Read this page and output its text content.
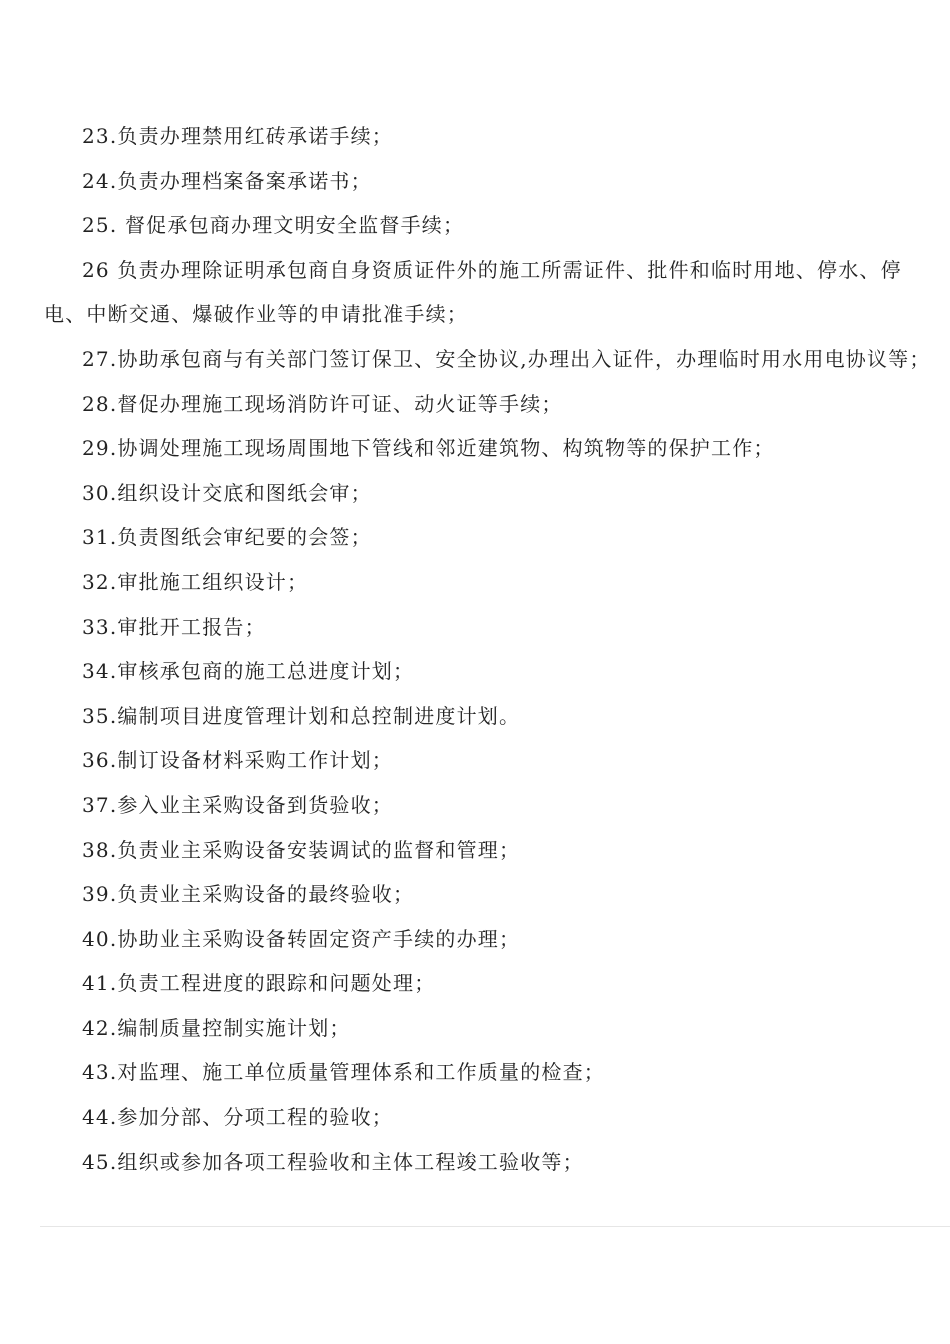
23.负责办理禁用红砖承诺手续；
24.负责办理档案备案承诺书；
25. 督促承包商办理文明安全监督手续；
26 负责办理除证明承包商自身资质证件外的施工所需证件、批件和临时用地、停水、停电、中断交通、爆破作业等的申请批准手续；
27.协助承包商与有关部门签订保卫、安全协议,办理出入证件，办理临时用水用电协议等；
28.督促办理施工现场消防许可证、动火证等手续；
29.协调处理施工现场周围地下管线和邻近建筑物、构筑物等的保护工作；
30.组织设计交底和图纸会审；
31.负责图纸会审纪要的会签；
32.审批施工组织设计；
33.审批开工报告；
34.审核承包商的施工总进度计划；
35.编制项目进度管理计划和总控制进度计划。
36.制订设备材料采购工作计划；
37.参入业主采购设备到货验收；
38.负责业主采购设备安装调试的监督和管理；
39.负责业主采购设备的最终验收；
40.协助业主采购设备转固定资产手续的办理；
41.负责工程进度的跟踪和问题处理；
42.编制质量控制实施计划；
43.对监理、施工单位质量管理体系和工作质量的检查；
44.参加分部、分项工程的验收；
45.组织或参加各项工程验收和主体工程竣工验收等；
